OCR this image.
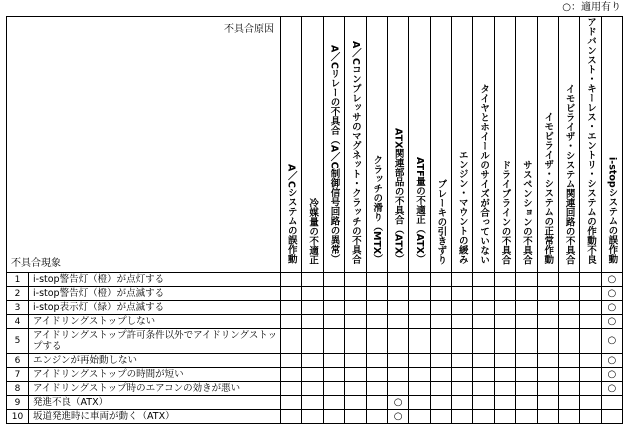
○：適用有り
不具合原因
不具合現象		A／Cシステムの誤作動	冷媒量の不適正	A／Cリレーの不具合（A／C制御信号回路の異常）	A／Cコンプレッサのマグネット・クラッチの不具合	クラッチの滑り（MTX）	ATX関連部品の不具合（ATX）	ATF量の不適正（ATX）	ブレーキの引きずり	エンジン・マウントの緩み	タイヤとホイールのサイズが合っていない	ドライブラインの不具合	サスペンションの不具合	イモビライザ・システムの正常作動	イモビライザ・システム関連回路の不具合	アドバンスト・キーレス・エントリ・システムの作動不良	i-stopシステムの誤作動
1	i-stop警告灯（橙）が点灯する																○
2	i-stop警告灯（橙）が点滅する																○
3	i-stop表示灯（緑）が点滅する																○
4	アイドリングストップしない																○
5	アイドリングストップ許可条件以外でアイドリングストップする																○
6	エンジンが再始動しない																○
7	アイドリングストップの時間が短い																○
8	アイドリングストップ時のエアコンの効きが悪い																○
9	発進不良（ATX）						○										
10	坂道発進時に車両が動く（ATX）						○										
